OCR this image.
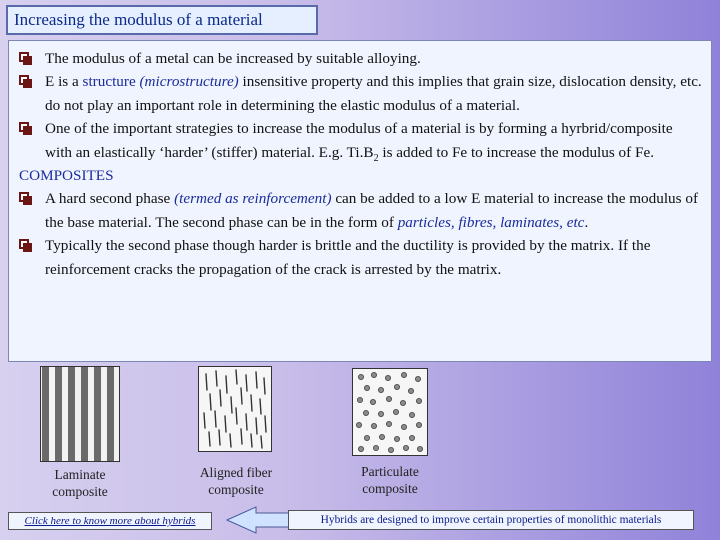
Increasing the modulus of a material
The modulus of a metal can be increased by suitable alloying.
E is a structure (microstructure) insensitive property and this implies that grain size, dislocation density, etc. do not play an important role in determining the elastic modulus of a material.
One of the important strategies to increase the modulus of a material is by forming a hyrbrid/composite with an elastically ‘harder’ (stiffer) material. E.g. $Ti.B_2$ is added to Fe to increase the modulus of Fe.
COMPOSITES
A hard second phase (termed as reinforcement) can be added to a low E material to increase the modulus of the base material. The second phase can be in the form of particles, fibres, laminates, etc.
Typically the second phase though harder is brittle and the ductility is provided by the matrix. If the reinforcement cracks the propagation of the crack is arrested by the matrix.
Laminate composite
Aligned fiber composite
Particulate composite
Click here to know more about hybrids	Hybrids are designed to improve certain properties of monolithic materials
